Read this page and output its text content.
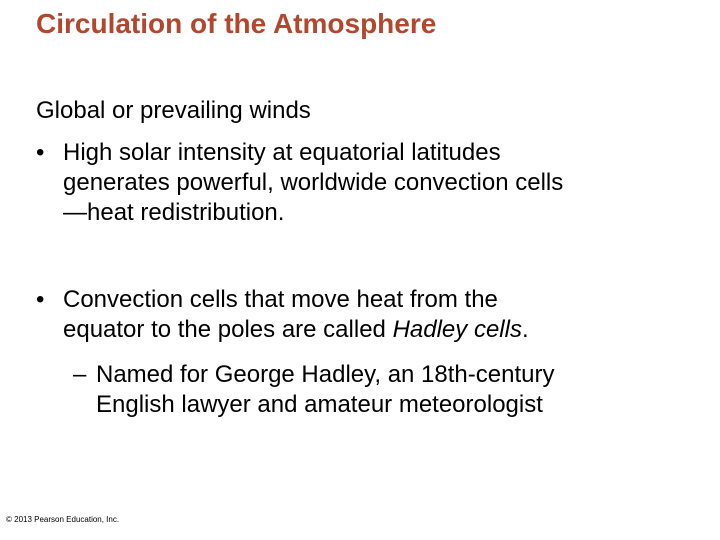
Circulation of the Atmosphere
Global or prevailing winds
• High solar intensity at equatorial latitudes
generates powerful, worldwide convection cells
—heat redistribution.
• Convection cells that move heat from the
equator to the poles are called Hadley cells.
– Named for George Hadley, an 18th-century
English lawyer and amateur meteorologist
© 2013 Pearson Education, Inc.
